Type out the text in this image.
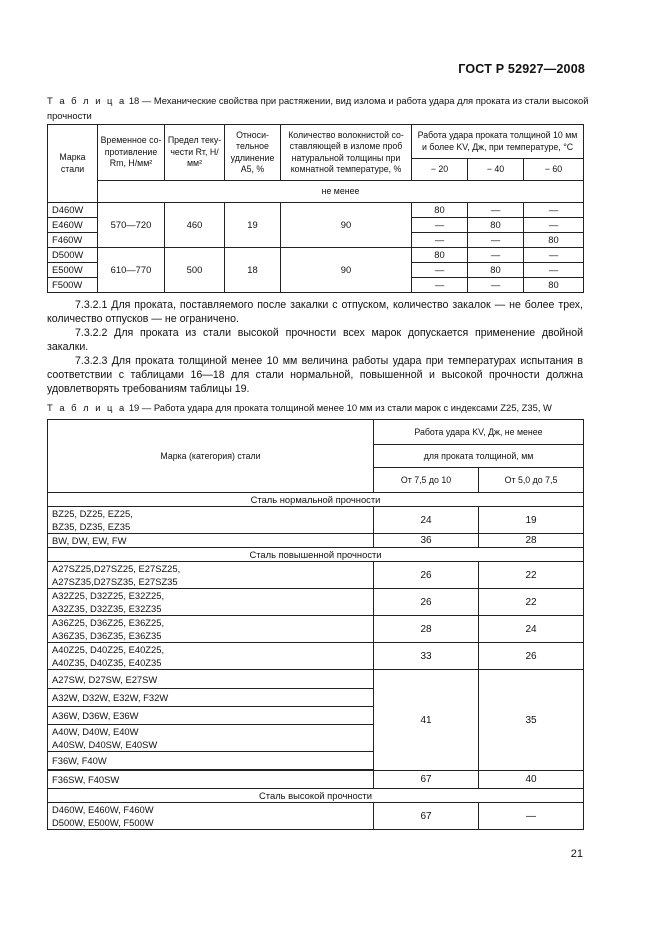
ГОСТ Р 52927—2008
Т а б л и ц а 18 — Механические свойства при растяжении, вид излома и работа удара для проката из стали высокой прочности
Марка стали	Временное со-противление Rm, Н/мм²	Предел теку-чести Rт, Н/мм²	Относи-тельное удлинение A5, %	Количество волокнистой со-ставляющей в изломе проб натуральной толщины при комнатной температуре, %	Работа удара проката толщиной 10 мм и более KV, Дж, при температуре, °С		
					− 20	− 40	− 60
	не менее						
D460W	570—720	460	19	90	80	—	—
E460W					—	80	—
F460W					—	—	80
D500W	610—770	500	18	90	80	—	—
E500W					—	80	—
F500W					—	—	80

7.3.2.1 Для проката, поставляемого после закалки с отпуском, количество закалок — не более трех, количество отпусков — не ограничено.

7.3.2.2 Для проката из стали высокой прочности всех марок допускается применение двойной закалки.

7.3.2.3 Для проката толщиной менее 10 мм величина работы удара при температурах испытания в соответствии с таблицами 16—18 для стали нормальной, повышенной и высокой прочности должна удовлетворять требованиям таблицы 19.

Т а б л и ц а 19 — Работа удара для проката толщиной менее 10 мм из стали марок с индексами Z25, Z35, W
Марка (категория) стали	Работа удара KV, Дж, не менее	
	для проката толщиной, мм	
	От 7,5 до 10	От 5,0 до 7,5
Сталь нормальной прочности		

BZ25, DZ25, EZ25,
BZ35, DZ35, EZ35	24	19
BW, DW, EW, FW	36	28
Сталь повышенной прочности		

A27SZ25,D27SZ25, E27SZ25,
A27SZ35,D27SZ35, E27SZ35	26	22

A32Z25, D32Z25, E32Z25,
A32Z35, D32Z35, E32Z35	26	22

A36Z25, D36Z25, E36Z25,
A36Z35, D36Z35, E36Z35	28	24

A40Z25, D40Z25, E40Z25,
A40Z35, D40Z35, E40Z35	33	26
A27SW, D27SW, E27SW	41	35
A32W, D32W, E32W, F32W		
A36W, D36W, E36W		

A40W, D40W, E40W
A40SW, D40SW, E40SW		

F36W, F40W		

F36SW, F40SW	67	40
Сталь высокой прочности		

D460W, E460W, F460W
D500W, E500W, F500W	67	—
21
